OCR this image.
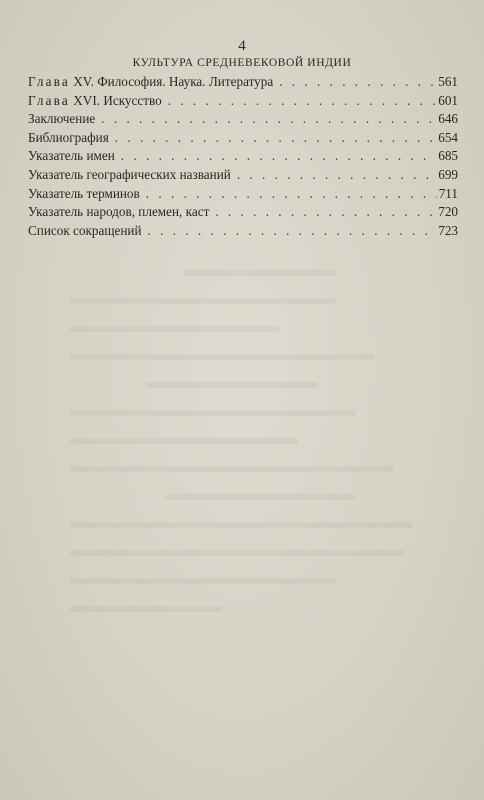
4
КУЛЬТУРА СРЕДНЕВЕКОВОЙ ИНДИИ
Глава XV. Философия. Наука. Литература . . .	561
Глава XVI. Искусство . . .	601
Заключение . . .	646
Библиография . . .	654
Указатель имен . . .	685
Указатель географических названий . . .	699
Указатель терминов . . .	711
Указатель народов, племен, каст . . .	720
Список сокращений . . .	723
